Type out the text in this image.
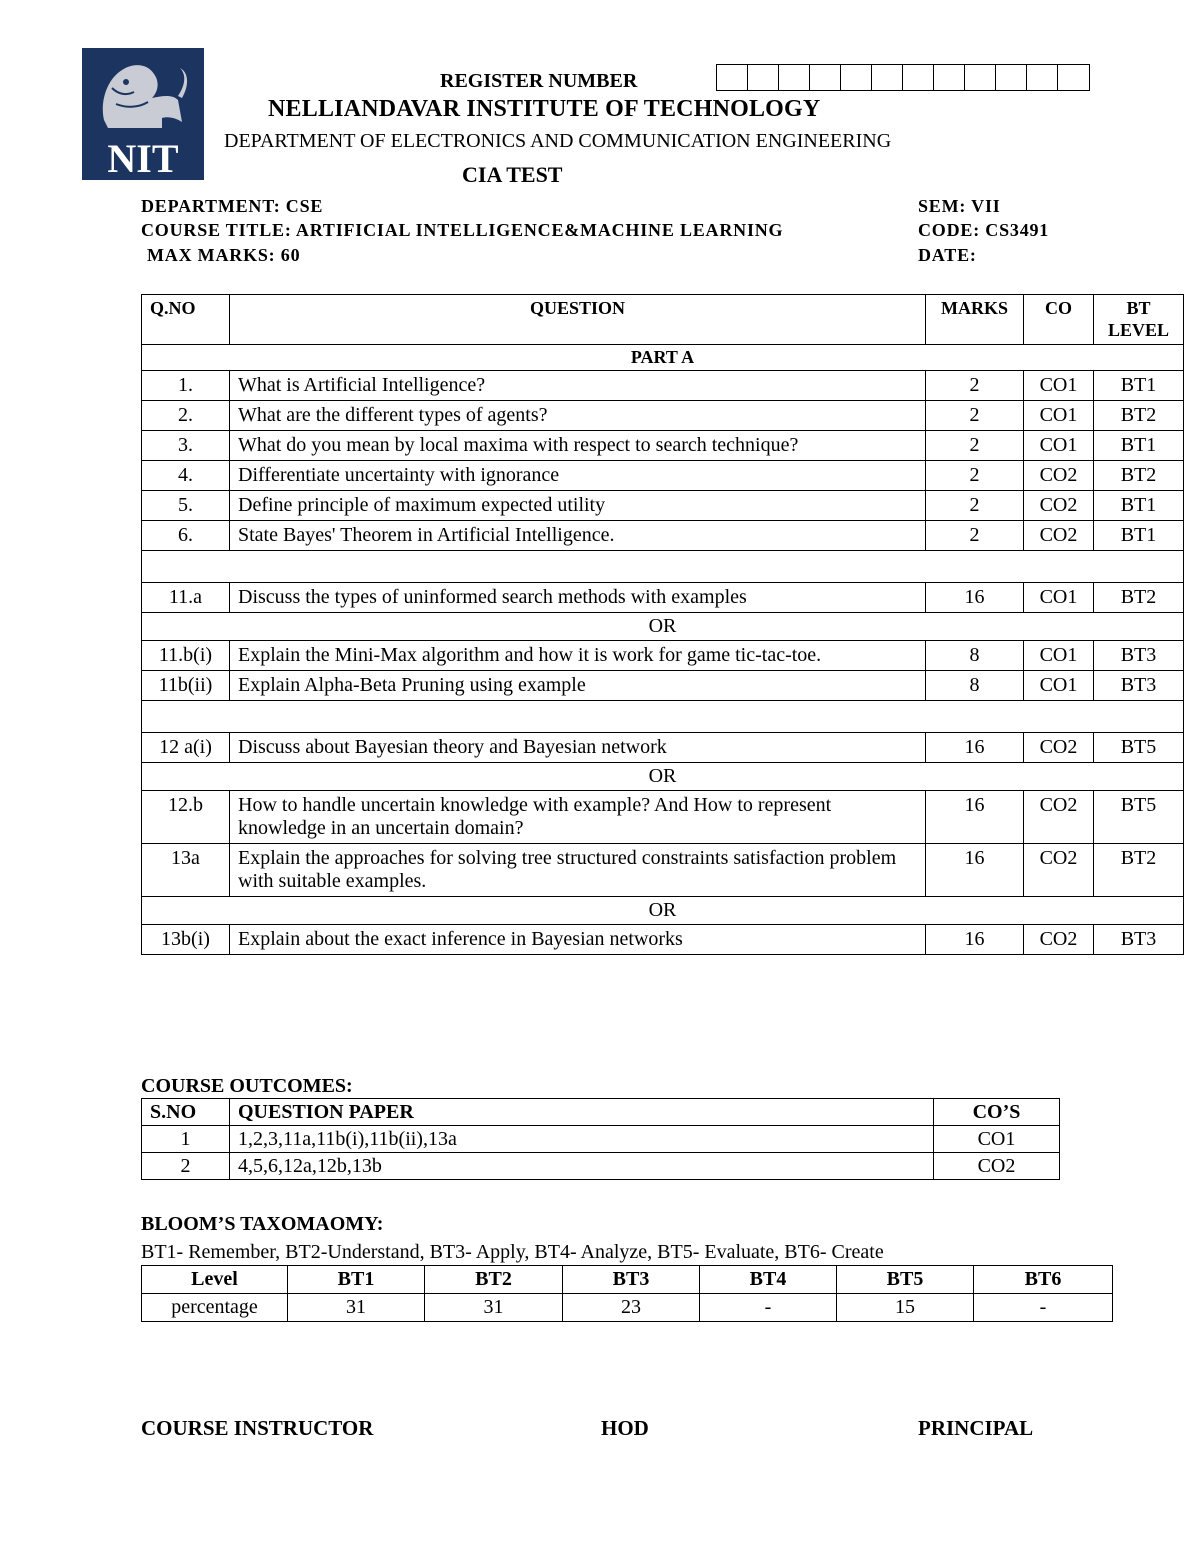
NIT
REGISTER NUMBER
NELLIANDAVAR INSTITUTE OF TECHNOLOGY
DEPARTMENT OF ELECTRONICS AND COMMUNICATION ENGINEERING
CIA TEST
DEPARTMENT: CSE
COURSE TITLE: ARTIFICIAL INTELLIGENCE&MACHINE LEARNING
MAX MARKS: 60
SEM: VII
CODE: CS3491
DATE:
Q.NO	QUESTION	MARKS	CO	BT LEVEL
PART A				
1.	What is Artificial Intelligence?	2	CO1	BT1
2.	What are the different types of agents?	2	CO1	BT2
3.	What do you mean by local maxima with respect to search technique?	2	CO1	BT1
4.	Differentiate uncertainty with ignorance	2	CO2	BT2
5.	Define principle of maximum expected utility	2	CO2	BT1
6.	State Bayes' Theorem in Artificial Intelligence.	2	CO2	BT1

11.a	Discuss the types of uninformed search methods with examples	16	CO1	BT2
OR				
11.b(i)	Explain the Mini-Max algorithm and how it is work for game tic-tac-toe.	8	CO1	BT3
11b(ii)	Explain Alpha-Beta Pruning using example	8	CO1	BT3

12 a(i)	Discuss about Bayesian theory and Bayesian network	16	CO2	BT5
OR				
12.b	How to handle uncertain knowledge with example? And How to represent knowledge in an uncertain domain?	16	CO2	BT5
13a	Explain the approaches for solving tree structured constraints satisfaction problem with suitable examples.	16	CO2	BT2
OR				
13b(i)	Explain about the exact inference in Bayesian networks	16	CO2	BT3
COURSE OUTCOMES:
S.NO	QUESTION PAPER	CO’S
1	1,2,3,11a,11b(i),11b(ii),13a	CO1
2	4,5,6,12a,12b,13b	CO2
BLOOM’S TAXOMAOMY:
BT1- Remember, BT2-Understand, BT3- Apply, BT4- Analyze, BT5- Evaluate, BT6- Create
Level	BT1	BT2	BT3	BT4	BT5	BT6
percentage	31	31	23	-	15	-
COURSE INSTRUCTOR	HOD	PRINCIPAL
